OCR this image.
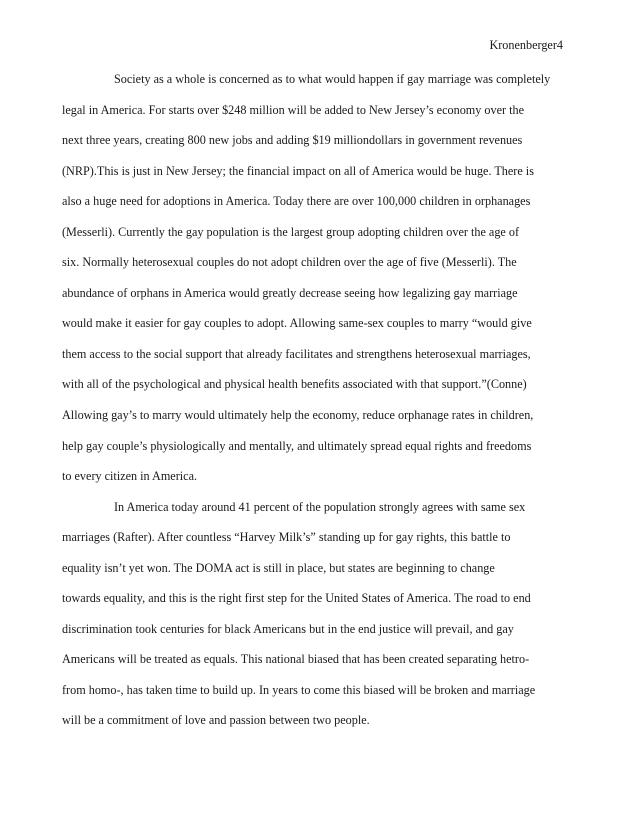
Kronenberger4
Society as a whole is concerned as to what would happen if gay marriage was completely
legal in America. For starts over $248 million will be added to New Jersey’s economy over the
next three years, creating 800 new jobs and adding $19 milliondollars in government revenues
(NRP).This is just in New Jersey; the financial impact on all of America would be huge. There is
also a huge need for adoptions in America. Today there are over 100,000 children in orphanages
(Messerli). Currently the gay population is the largest group adopting children over the age of
six. Normally heterosexual couples do not adopt children over the age of five (Messerli). The
abundance of orphans in America would greatly decrease seeing how legalizing gay marriage
would make it easier for gay couples to adopt. Allowing same-sex couples to marry “would give
them access to the social support that already facilitates and strengthens heterosexual marriages,
with all of the psychological and physical health benefits associated with that support.”(Conne)
Allowing gay’s to marry would ultimately help the economy, reduce orphanage rates in children,
help gay couple’s physiologically and mentally, and ultimately spread equal rights and freedoms
to every citizen in America.
In America today around 41 percent of the population strongly agrees with same sex
marriages (Rafter). After countless “Harvey Milk’s” standing up for gay rights, this battle to
equality isn’t yet won. The DOMA act is still in place, but states are beginning to change
towards equality, and this is the right first step for the United States of America. The road to end
discrimination took centuries for black Americans but in the end justice will prevail, and gay
Americans will be treated as equals. This national biased that has been created separating hetro-
from homo-, has taken time to build up. In years to come this biased will be broken and marriage
will be a commitment of love and passion between two people.
